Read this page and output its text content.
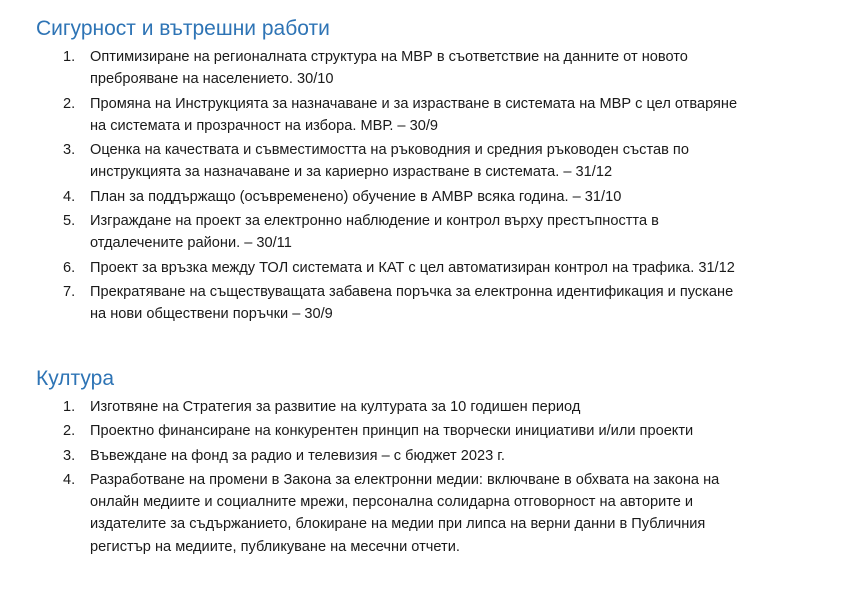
Сигурност и вътрешни работи
1.	Оптимизиране на регионалната структура на МВР в съответствие на данните от новото преброяване на населението. 30/10
2.	Промяна на Инструкцията за назначаване и за израстване в системата на МВР с цел отваряне на системата и прозрачност на избора. МВР. – 30/9
3.	Оценка на качествата и съвместимостта на ръководния и средния ръководен състав по инструкцията за назначаване и за кариерно израстване в системата. – 31/12
4.	План за поддържащо (осъвременено) обучение в АМВР всяка година. – 31/10
5.	Изграждане на проект за електронно наблюдение и контрол върху престъпността в отдалечените райони. – 30/11
6.	Проект за връзка между ТОЛ системата и КАТ с цел автоматизиран контрол на трафика. 31/12
7.	Прекратяване на съществуващата забавена поръчка за електронна идентификация и пускане на нови обществени поръчки – 30/9
Култура
1.	Изготвяне на Стратегия за развитие на културата за 10 годишен период
2.	Проектно финансиране на конкурентен принцип на творчески инициативи и/или проекти
3.	Въвеждане на фонд за радио и телевизия – с бюджет 2023 г.
4.	Разработване на промени в Закона за електронни медии: включване в обхвата на закона на онлайн медиите и социалните мрежи, персонална солидарна отговорност на авторите и издателите за съдържанието, блокиране на медии при липса на верни данни в Публичния регистър на медиите, публикуване на месечни отчети.
